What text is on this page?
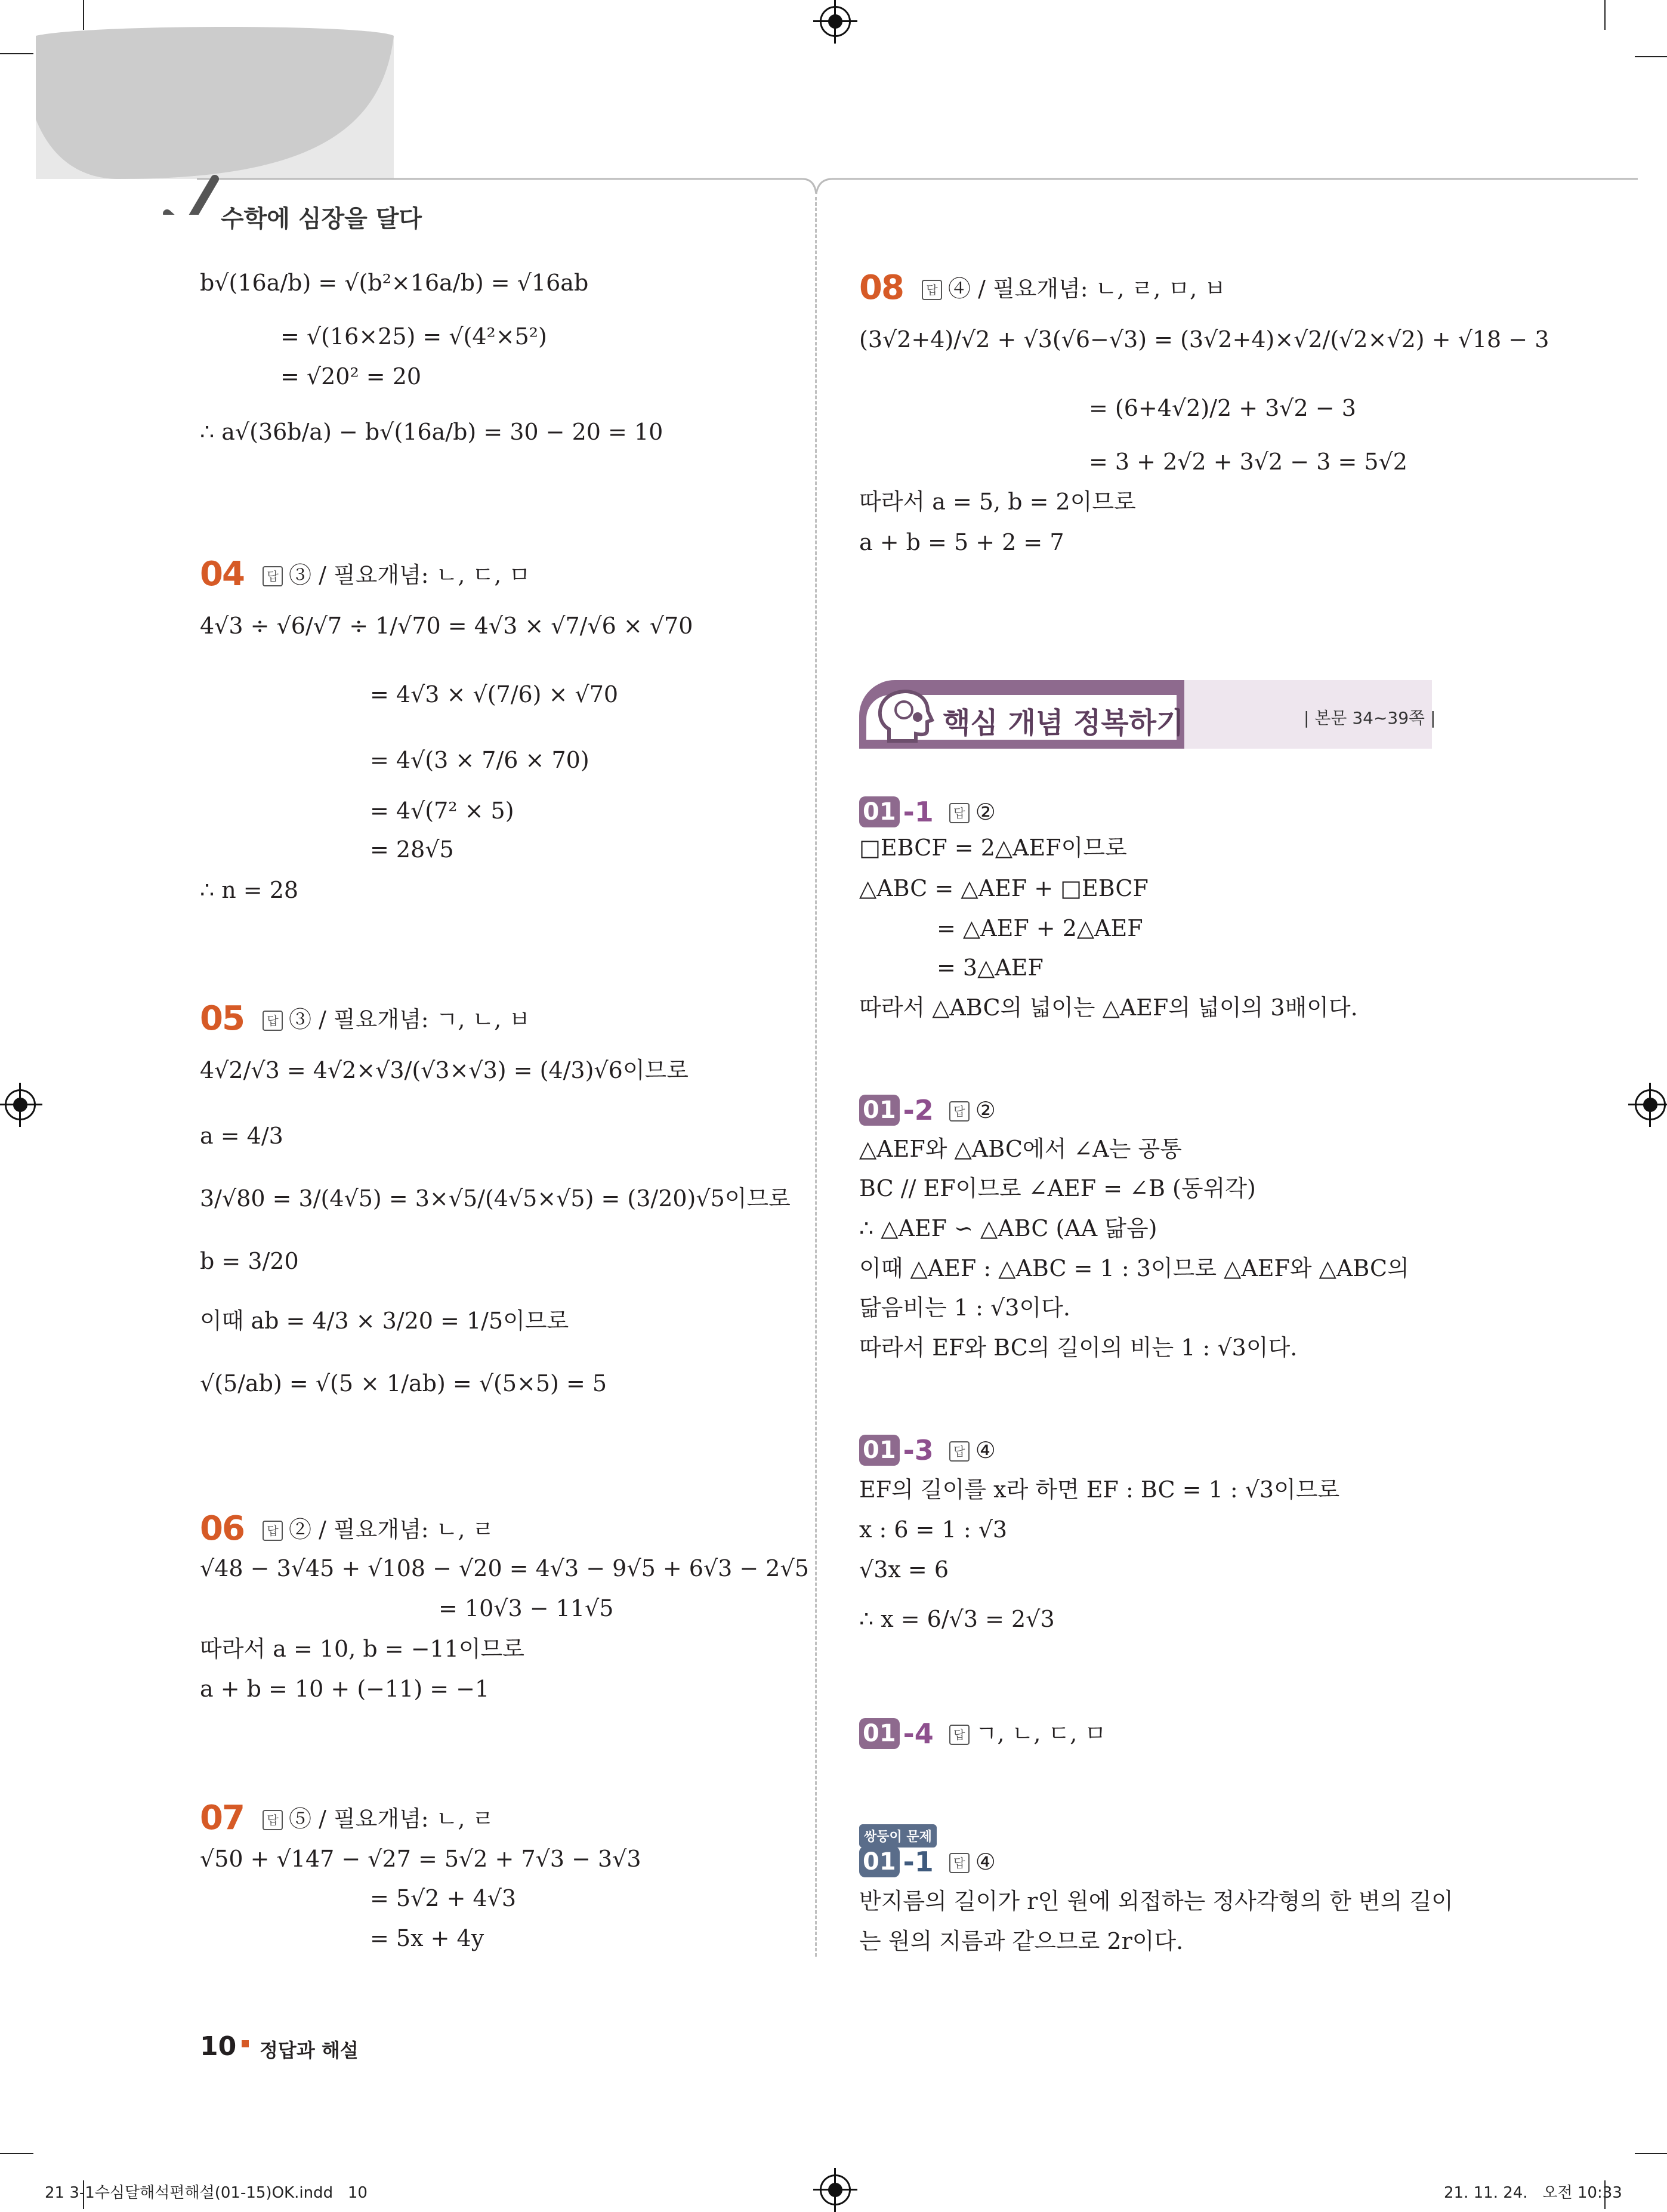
수학에 심장을 달다
b√(16a/b) = √(b²×16a/b) = √16ab
= √(16×25) = √(4²×5²)
= √20² = 20
∴ a√(36b/a) − b√(16a/b) = 30 − 20 = 10
04	답 ③ / 필요개념: ㄴ, ㄷ, ㅁ
4√3 ÷ √6/√7 ÷ 1/√70 = 4√3 × √7/√6 × √70
= 4√3 × √(7/6) × √70
= 4√(3 × 7/6 × 70)
= 4√(7² × 5)
= 28√5
∴ n = 28
05	답 ③ / 필요개념: ㄱ, ㄴ, ㅂ
4√2/√3 = 4√2×√3/(√3×√3) = (4/3)√6이므로
a = 4/3
3/√80 = 3/(4√5) = 3×√5/(4√5×√5) = (3/20)√5이므로
b = 3/20
이때 ab = 4/3 × 3/20 = 1/5이므로
√(5/ab) = √(5 × 1/ab) = √(5×5) = 5
06	답 ② / 필요개념: ㄴ, ㄹ
√48 − 3√45 + √108 − √20 = 4√3 − 9√5 + 6√3 − 2√5
= 10√3 − 11√5
따라서 a = 10, b = −11이므로
a + b = 10 + (−11) = −1
07	답 ⑤ / 필요개념: ㄴ, ㄹ
√50 + √147 − √27 = 5√2 + 7√3 − 3√3
= 5√2 + 4√3
= 5x + 4y
08	답 ④ / 필요개념: ㄴ, ㄹ, ㅁ, ㅂ
(3√2+4)/√2 + √3(√6−√3) = (3√2+4)×√2/(√2×√2) + √18 − 3
= (6+4√2)/2 + 3√2 − 3
= 3 + 2√2 + 3√2 − 3 = 5√2
따라서 a = 5, b = 2이므로
a + b = 5 + 2 = 7
핵심 개념 정복하기	| 본문 34~39쪽 |
01 -1	답 ②
□EBCF = 2△AEF이므로
△ABC = △AEF + □EBCF
= △AEF + 2△AEF
= 3△AEF
따라서 △ABC의 넓이는 △AEF의 넓이의 3배이다.
01 -2	답 ②
△AEF와 △ABC에서 ∠A는 공통
BC // EF이므로 ∠AEF = ∠B (동위각)
∴ △AEF ∽ △ABC (AA 닮음)
이때 △AEF : △ABC = 1 : 3이므로 △AEF와 △ABC의
닮음비는 1 : √3이다.
따라서 EF와 BC의 길이의 비는 1 : √3이다.
01 -3	답 ④
EF의 길이를 x라 하면 EF : BC = 1 : √3이므로
x : 6 = 1 : √3
√3x = 6
∴ x = 6/√3 = 2√3
01 -4	답 ㄱ, ㄴ, ㄷ, ㅁ
쌍둥이 문제
01 -1	답 ④
반지름의 길이가 r인 원에 외접하는 정사각형의 한 변의 길이
는 원의 지름과 같으므로 2r이다.
10 정답과 해설
21 3-1수심달해석편해설(01-15)OK.indd   10	21. 11. 24.   오전 10:33
